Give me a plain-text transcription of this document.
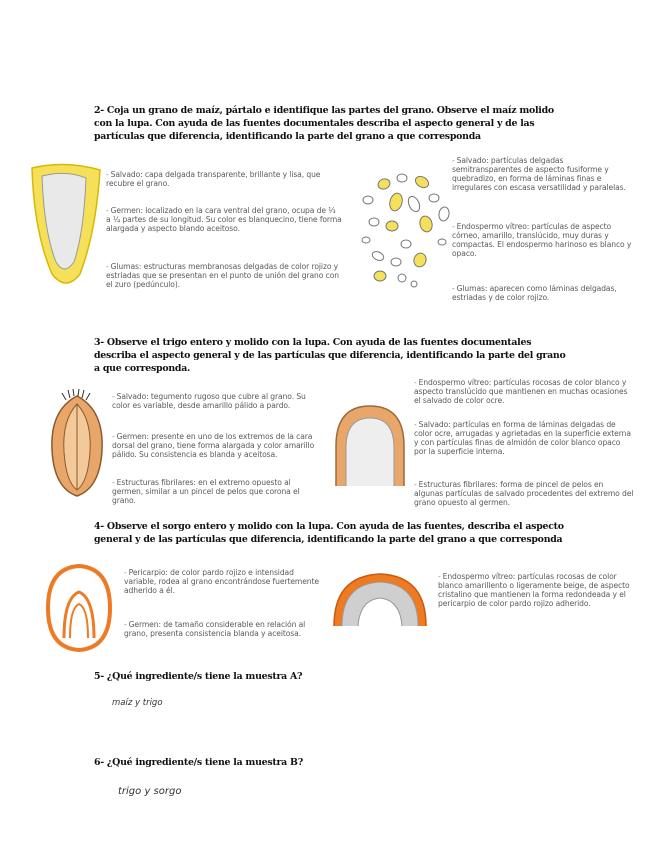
2- Coja un grano de maíz, pártalo e identifique las partes del grano. Observe el maíz molido con la lupa. Con ayuda de las fuentes documentales describa el aspecto general y de las partículas que diferencia, identificando la parte del grano a que corresponda
- Salvado: capa delgada transparente, brillante y lisa, que recubre el grano.
- Germen: localizado en la cara ventral del grano, ocupa de ⅓ a ¼ partes de su longitud. Su color es blanquecino, tiene forma alargada y aspecto blando aceitoso.
- Glumas: estructuras membranosas delgadas de color rojizo y estriadas que se presentan en el punto de unión del grano con el zuro (pedúnculo).
- Salvado: partículas delgadas semitransparentes de aspecto fusiforme y quebradizo, en forma de láminas finas e irregulares con escasa versatilidad y paralelas.
- Endospermo vítreo: partículas de aspecto córneo, amarillo, translúcido, muy duras y compactas. El endospermo harinoso es blanco y opaco.
- Glumas: aparecen como láminas delgadas, estriadas y de color rojizo.
3- Observe el trigo entero y molido con la lupa. Con ayuda de las fuentes documentales describa el aspecto general y de las partículas que diferencia, identificando la parte del grano a que corresponda.
- Salvado: tegumento rugoso que cubre al grano. Su color es variable, desde amarillo pálido a pardo.
- Germen: presente en uno de los extremos de la cara dorsal del grano, tiene forma alargada y color amarillo pálido. Su consistencia es blanda y aceitosa.
- Estructuras fibrilares: en el extremo opuesto al germen, similar a un pincel de pelos que corona el grano.
- Endospermo vítreo: partículas rocosas de color blanco y aspecto translúcido que mantienen en muchas ocasiones el salvado de color ocre.
- Salvado: partículas en forma de láminas delgadas de color ocre, arrugadas y agrietadas en la superficie externa y con partículas finas de almidón de color blanco opaco por la superficie interna.
- Estructuras fibrilares: forma de pincel de pelos en algunas partículas de salvado procedentes del extremo del grano opuesto al germen.
4- Observe el sorgo entero y molido con la lupa. Con ayuda de las fuentes, describa el aspecto general y de las partículas que diferencia, identificando la parte del grano a que corresponda
- Pericarpio: de color pardo rojizo e intensidad variable, rodea al grano encontrándose fuertemente adherido a él.
- Germen: de tamaño considerable en relación al grano, presenta consistencia blanda y aceitosa.
- Endospermo vítreo: partículas rocosas de color blanco amarillento o ligeramente beige, de aspecto cristalino que mantienen la forma redondeada y el pericarpio de color pardo rojizo adherido.
5- ¿Qué ingrediente/s tiene la muestra A?
maíz y trigo
6- ¿Qué ingrediente/s tiene la muestra B?
trigo y sorgo
